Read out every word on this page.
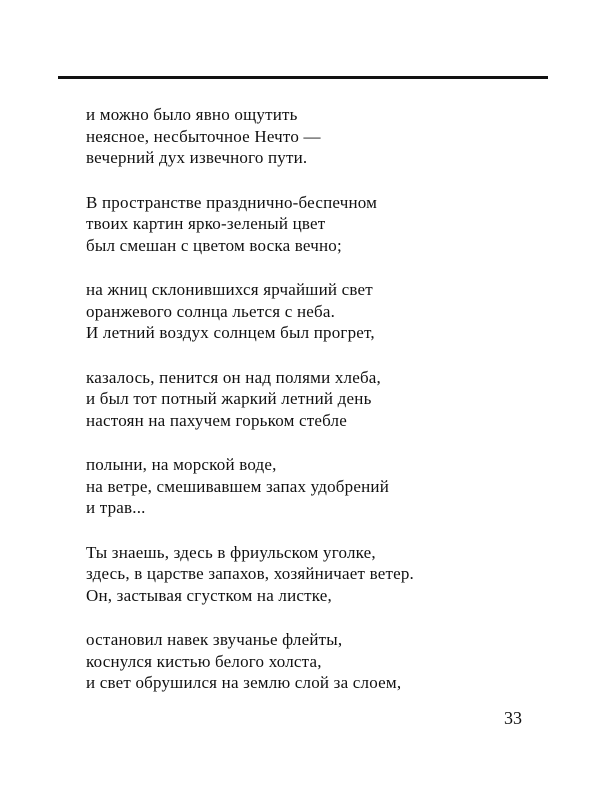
и можно было явно ощутить
неясное, несбыточное Нечто —
вечерний дух извечного пути.
В пространстве празднично-беспечном
твоих картин ярко-зеленый цвет
был смешан с цветом воска вечно;
на жниц склонившихся ярчайший свет
оранжевого солнца льется с неба.
И летний воздух солнцем был прогрет,
казалось, пенится он над полями хлеба,
и был тот потный жаркий летний день
настоян на пахучем горьком стебле
полыни, на морской воде,
на ветре, смешивавшем запах удобрений
и трав...
Ты знаешь, здесь в фриульском уголке,
здесь, в царстве запахов, хозяйничает ветер.
Он, застывая сгустком на листке,
остановил навек звучанье флейты,
коснулся кистью белого холста,
и свет обрушился на землю слой за слоем,
33
